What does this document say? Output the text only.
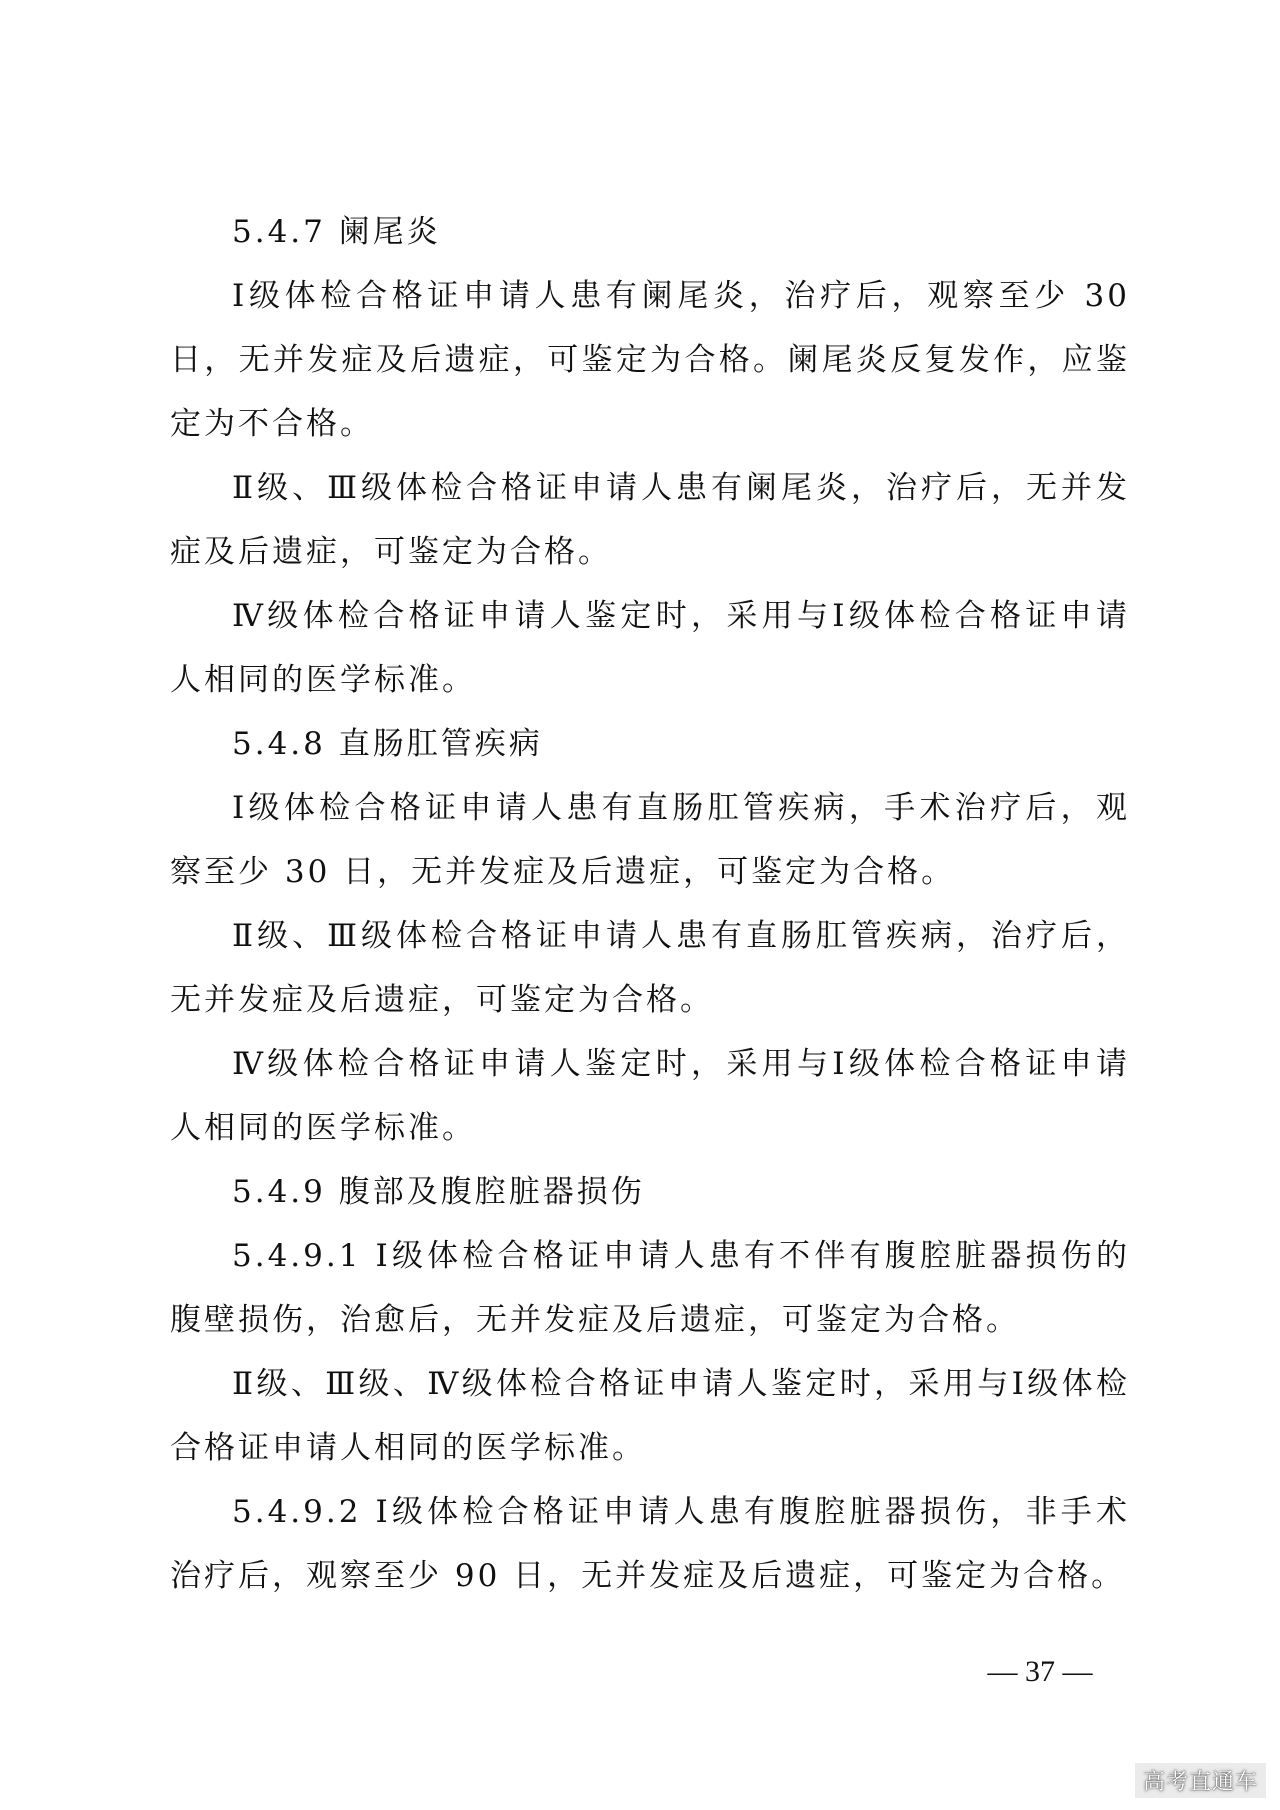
5.4.7 阑尾炎

Ⅰ级体检合格证申请人患有阑尾炎，治疗后，观察至少 30 日，无并发症及后遗症，可鉴定为合格。阑尾炎反复发作，应鉴定为不合格。

Ⅱ级、Ⅲ级体检合格证申请人患有阑尾炎，治疗后，无并发症及后遗症，可鉴定为合格。

Ⅳ级体检合格证申请人鉴定时，采用与Ⅰ级体检合格证申请人相同的医学标准。

5.4.8 直肠肛管疾病

Ⅰ级体检合格证申请人患有直肠肛管疾病，手术治疗后，观察至少 30 日，无并发症及后遗症，可鉴定为合格。

Ⅱ级、Ⅲ级体检合格证申请人患有直肠肛管疾病，治疗后，无并发症及后遗症，可鉴定为合格。

Ⅳ级体检合格证申请人鉴定时，采用与Ⅰ级体检合格证申请人相同的医学标准。

5.4.9 腹部及腹腔脏器损伤

5.4.9.1 Ⅰ级体检合格证申请人患有不伴有腹腔脏器损伤的腹壁损伤，治愈后，无并发症及后遗症，可鉴定为合格。

Ⅱ级、Ⅲ级、Ⅳ级体检合格证申请人鉴定时，采用与Ⅰ级体检合格证申请人相同的医学标准。

5.4.9.2 Ⅰ级体检合格证申请人患有腹腔脏器损伤，非手术治疗后，观察至少 90 日，无并发症及后遗症，可鉴定为合格。

— 37 —
高考直通车
